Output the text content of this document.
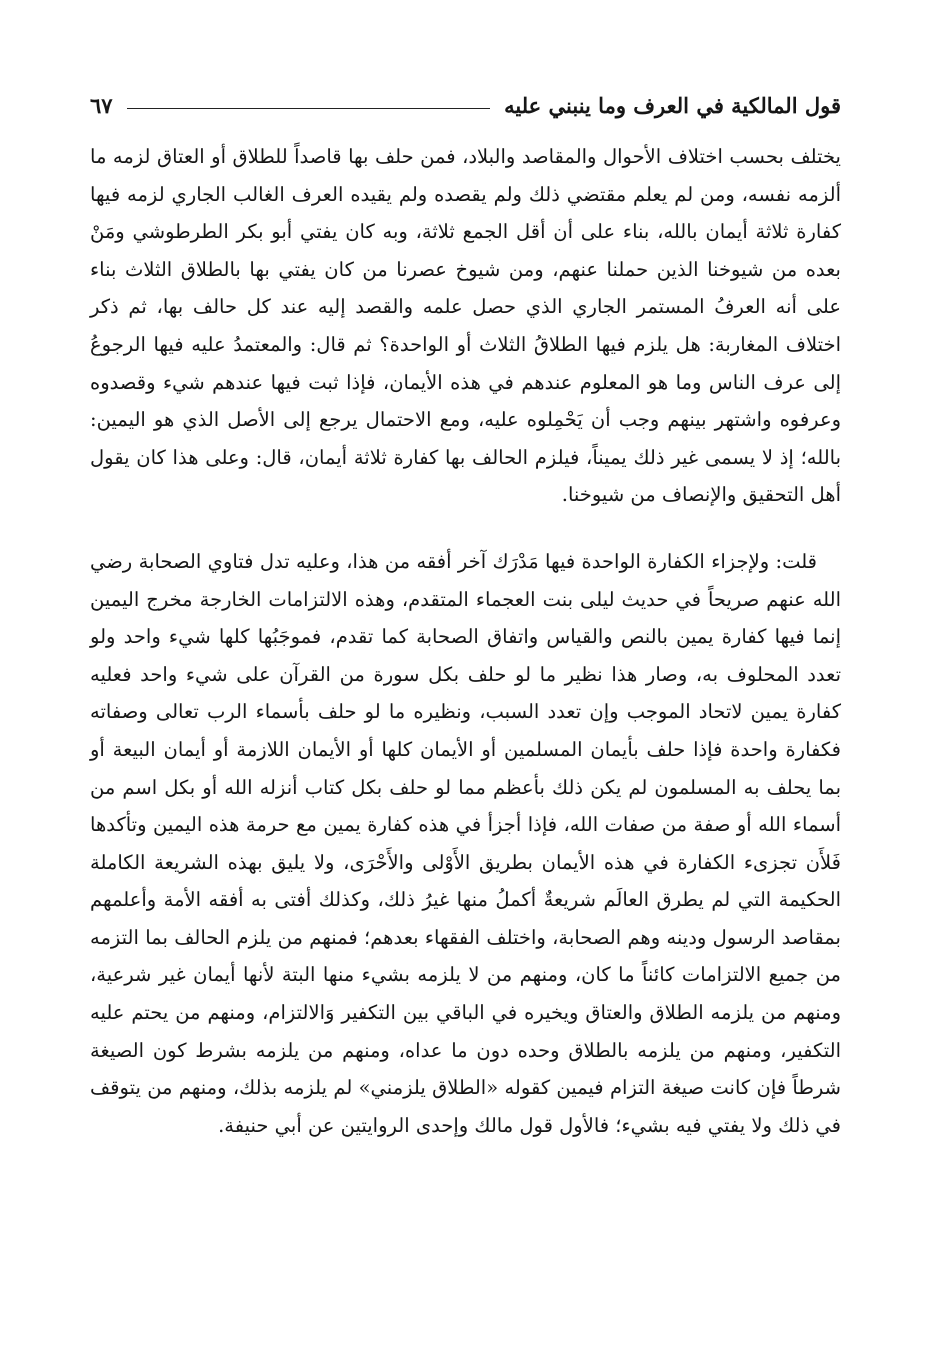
قول المالكية في العرف وما ينبني عليه
٦٧

يختلف بحسب اختلاف الأحوال والمقاصد والبلاد، فمن حلف بها قاصداً للطلاق أو العتاق لزمه ما ألزمه نفسه، ومن لم يعلم مقتضي ذلك ولم يقصده ولم يقيده العرف الغالب الجاري لزمه فيها كفارة ثلاثة أيمان بالله، بناء على أن أقل الجمع ثلاثة، وبه كان يفتي أبو بكر الطرطوشي ومَنْ بعده من شيوخنا الذين حملنا عنهم، ومن شيوخ عصرنا من كان يفتي بها بالطلاق الثلاث بناء على أنه العرفُ المستمر الجاري الذي حصل علمه والقصد إليه عند كل حالف بها، ثم ذكر اختلاف المغاربة: هل يلزم فيها الطلاقُ الثلاث أو الواحدة؟ ثم قال: والمعتمدُ عليه فيها الرجوعُ إلى عرف الناس وما هو المعلوم عندهم في هذه الأيمان، فإذا ثبت فيها عندهم شيء وقصدوه وعرفوه واشتهر بينهم وجب أن يَحْمِلوه عليه، ومع الاحتمال يرجع إلى الأصل الذي هو اليمين: بالله؛ إذ لا يسمى غير ذلك يميناً، فيلزم الحالف بها كفارة ثلاثة أيمان، قال: وعلى هذا كان يقول أهل التحقيق والإنصاف من شيوخنا.

قلت: ولإجزاء الكفارة الواحدة فيها مَدْرَك آخر أفقه من هذا، وعليه تدل فتاوي الصحابة رضي الله عنهم صريحاً في حديث ليلى بنت العجماء المتقدم، وهذه الالتزامات الخارجة مخرج اليمين إنما فيها كفارة يمين بالنص والقياس واتفاق الصحابة كما تقدم، فموجَبُها كلها شيء واحد ولو تعدد المحلوف به، وصار هذا نظير ما لو حلف بكل سورة من القرآن على شيء واحد فعليه كفارة يمين لاتحاد الموجب وإن تعدد السبب، ونظيره ما لو حلف بأسماء الرب تعالى وصفاته فكفارة واحدة فإذا حلف بأيمان المسلمين أو الأيمان كلها أو الأيمان اللازمة أو أيمان البيعة أو بما يحلف به المسلمون لم يكن ذلك بأعظم مما لو حلف بكل كتاب أنزله الله أو بكل اسم من أسماء الله أو صفة من صفات الله، فإذا أجزأ في هذه كفارة يمين مع حرمة هذه اليمين وتأكدها فَلأَن تجزىء الكفارة في هذه الأيمان بطريق الأَوْلى والأَحْرَى، ولا يليق بهذه الشريعة الكاملة الحكيمة التي لم يطرق العالَم شريعةٌ أكملُ منها غيرُ ذلك، وكذلك أفتى به أفقه الأمة وأعلمهم بمقاصد الرسول ودينه وهم الصحابة، واختلف الفقهاء بعدهم؛ فمنهم من يلزم الحالف بما التزمه من جميع الالتزامات كائناً ما كان، ومنهم من لا يلزمه بشيء منها البتة لأنها أيمان غير شرعية، ومنهم من يلزمه الطلاق والعتاق ويخيره في الباقي بين التكفير وَالالتزام، ومنهم من يحتم عليه التكفير، ومنهم من يلزمه بالطلاق وحده دون ما عداه، ومنهم من يلزمه بشرط كون الصيغة شرطاً فإن كانت صيغة التزام فيمين كقوله «الطلاق يلزمني» لم يلزمه بذلك، ومنهم من يتوقف في ذلك ولا يفتي فيه بشيء؛ فالأول قول مالك وإحدى الروايتين عن أبي حنيفة.
